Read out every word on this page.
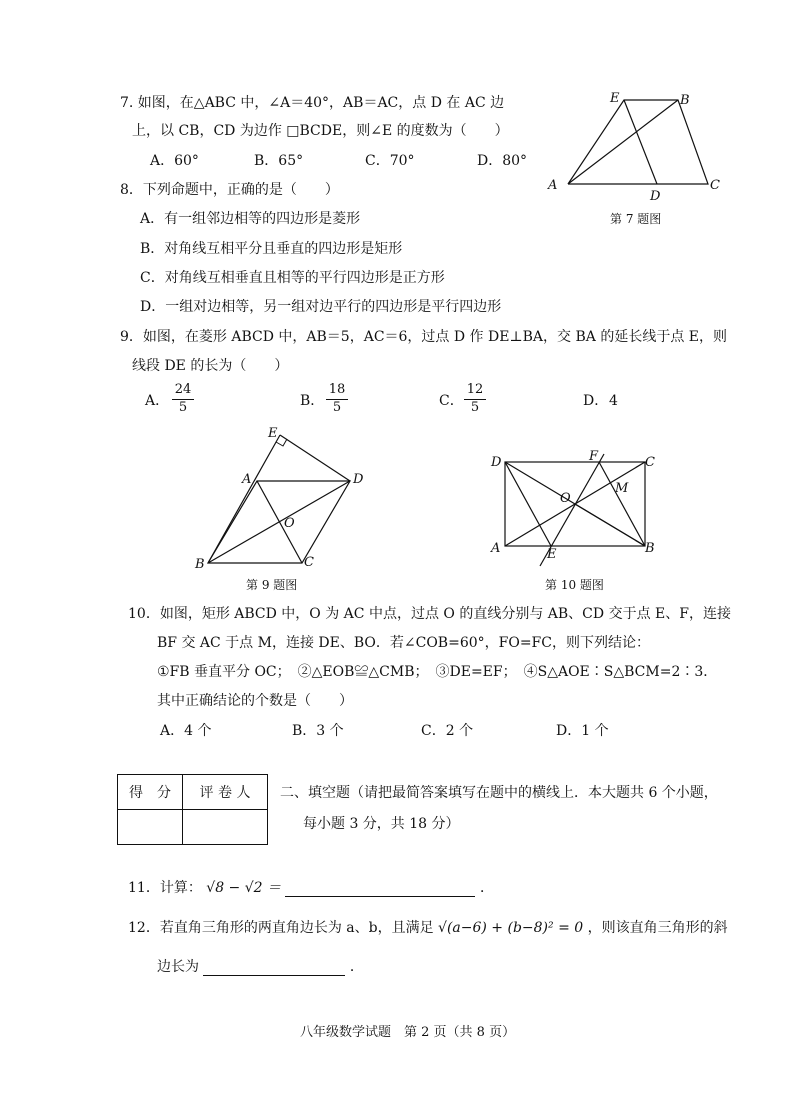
7. 如图，在△ABC 中，∠A＝40°，AB＝AC，点 D 在 AC 边
上，以 CB，CD 为边作 □BCDE，则∠E 的度数为（　　）
A．60°	B．65°	C．70°	D．80°
E	B
A
D
C
第 7 题图
8．下列命题中，正确的是（　　）
A．有一组邻边相等的四边形是菱形
B．对角线互相平分且垂直的四边形是矩形
C．对角线互相垂直且相等的平行四边形是正方形
D．一组对边相等，另一组对边平行的四边形是平行四边形
9．如图，在菱形 ABCD 中，AB＝5，AC＝6，过点 D 作 DE⊥BA，交 BA 的延长线于点 E，则
线段 DE 的长为（　　）
A． $\frac{24}{5}$	B． $\frac{18}{5}$	C． $\frac{12}{5}$	D． 4
E
A	D
O
B	C
第 9 题图
D	F	C
M
O
A	E	B
第 10 题图
10．如图，矩形 ABCD 中，O 为 AC 中点，过点 O 的直线分别与 AB、CD 交于点 E、F，连接
BF 交 AC 于点 M，连接 DE、BO．若∠COB=60°，FO=FC，则下列结论：
①FB 垂直平分 OC；　②△EOB≌△CMB；　③DE=EF；　④S△AOE∶S△BCM=2∶3．
其中正确结论的个数是（　　）
A．4 个	B．3 个	C．2 个	D．1 个
得　分	评 卷 人
	二、填空题（请把最简答案填写在题中的横线上．本大题共 6 个小题，
每小题 3 分，共 18 分）
11．计算： √8 − √2 ＝	．
12．若直角三角形的两直角边长为 a、b，且满足 √(a−6) + (b−8)² = 0 ，则该直角三角形的斜
边长为	．
八年级数学试题　第 2 页（共 8 页）
